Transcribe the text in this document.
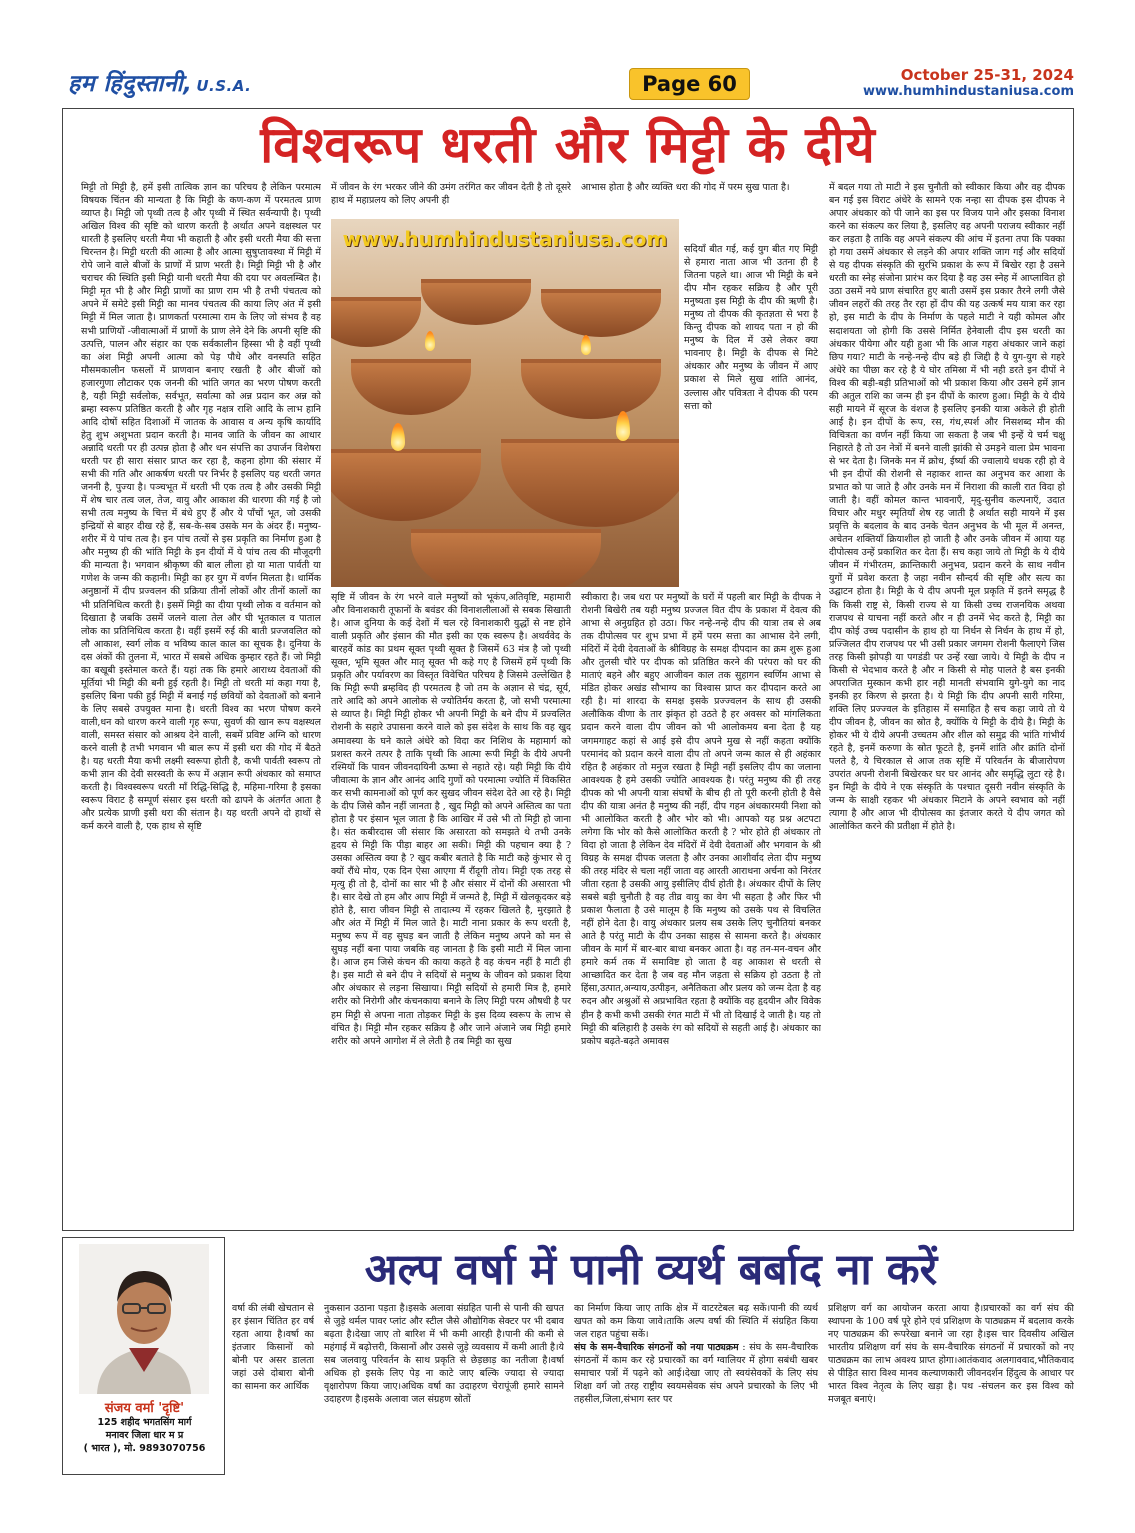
हम हिंदुस्तानी, U.S.A.	Page 60	October 25-31, 2024
www.humhindustaniusa.com
विश्वरूप धरती और मिट्टी के दीये
मिट्टी तो मिट्टी है, हमें इसी तात्विक ज्ञान का परिचय है लेकिन परमात्म विषयक चिंतन की मान्यता है कि मिट्टी के कण-कण में परमतत्व प्राण व्याप्त है। मिट्टी जो पृथ्वी तत्व है और पृथ्वी में स्थित सर्वन्यापी है। पृथ्वी अखिल विश्व की सृष्टि को धारण करती है अर्थात अपने वक्षस्थल पर धारती है इसलिए धरती मैया भी कहाती है और इसी धरती मैया की सत्ता चिरन्तन है। मिट्टी धरती की आत्मा है और आत्मा सुषुप्तावस्था में मिट्टी में रोपे जाने वाले बीजों के प्राणों में प्राण भरती है। मिट्टी मिट्टी भी है और चराचर की स्थिति इसी मिट्टी यानी धरती मैया की दया पर अवलम्बित है। मिट्टी मृत भी है और मिट्टी प्राणों का प्राण राम भी है तभी पंचतत्व को अपने में समेटे इसी मिट्टी का मानव पंचतत्व की काया लिए अंत में इसी मिट्टी में मिल जाता है। प्राणकर्ता परमात्मा राम के लिए जो संभव है वह सभी प्राणियों -जीवात्माओं में प्राणों के प्राण लेने देने कि अपनी सृष्टि की उत्पत्ति, पालन और संहार का एक सर्वकालीन हिस्सा भी है वहीं पृथ्वी का अंश मिट्टी अपनी आत्मा को पेड़ पौधे और वनस्पति सहित मौसमकालीन फसलों में प्राणवान बनाए रखती है और बीजों को हजारगुणा लौटाकर एक जननी की भांति जगत का भरण पोषण करती है, यही मिट्टी सर्वलोक, सर्वभूत, सर्वात्मा को अन्न प्रदान कर अन्न को ब्रम्हा स्वरूप प्रतिष्ठित करती है और गृह नक्षत्र राशि आदि के लाभ हानि आदि दोषों सहित दिशाओं में जातक के आवास व अन्य कृषि कार्यादि हेतु शुभ अशुभता प्रदान करती है। मानव जाति के जीवन का आधार अन्नादि धरती पर ही उत्पन्न होता है और धन संपत्ति का उपार्जन विशेषरा धरती पर ही सारा संसार प्राप्त कर रहा है, कहना होगा की संसार में सभी की गति और आकर्षण धरती पर निर्भर है इसलिए यह धरती जगत जननी है, पुज्या है। पञ्चभूत में धरती भी एक तत्व है और उसकी मिट्टी में शेष चार तत्व जल, तेज, वायु और आकाश की धारणा की गई है जो सभी तत्व मनुष्य के चित्त में बंधे हुए हैं और ये पाँचों भूत, जो उसकी इन्द्रियों से बाहर दीख रहे हैं, सब-के-सब उसके मन के अंदर हैं। मनुष्य- शरीर में ये पांच तत्व है। इन पांच तत्वों से इस प्रकृति का निर्माण हुआ है और मनुष्य ही की भांति मिट्टी के इन दीयों में ये पांच तत्व की मौजूदगी की मान्यता है। भगवान श्रीकृष्ण की बाल लीला हो या माता पार्वती या गणेश के जन्म की कहानी। मिट्टी का हर युग में वर्णन मिलता है। धार्मिक अनुष्ठानों में दीप प्रज्वलन की प्रक्रिया तीनों लोकों और तीनों कालों का भी प्रतिनिधित्व करती है। इसमें मिट्टी का दीया पृथ्वी लोक व वर्तमान को दिखाता है जबकि उसमें जलने वाला तेल और घी भूतकाल व पाताल लोक का प्रतिनिधित्व करता है। वहीं इसमें रुई की बाती प्रज्जवलित को लौ आकाश, स्वर्ग लोक व भविष्य काल काल का सूचक है। दुनिया के दस अंकों की तुलना में, भारत में सबसे अधिक कुम्हार रहते हैं। जो मिट्टी का बखूबी इस्तेमाल करते हैं। यहां तक कि हमारे आराध्य देवताओं की मूर्तियां भी मिट्टी की बनी हुई रहती है। मिट्टी तो धरती मां कहा गया है, इसलिए बिना पकी हुई मिट्टी में बनाई गई छवियों को देवताओं को बनाने के लिए सबसे उपयुक्त माना है। धरती विश्व का भरण पोषण करने वाली,धन को धारण करने वाली गृह रूपा, सुवर्ण की खान रूप वक्षस्थल वाली, समस्त संसार को आश्रय देने वाली, सबमें प्रविष्ट अग्नि को धारण करने वाली है तभी भगवान भी बाल रूप में इसी धरा की गोद में बैठते है। यह धरती मैया कभी लक्ष्मी स्वरूपा होती है, कभी पार्वती स्वरूप तो कभी ज्ञान की देवी सरस्वती के रूप में अज्ञान रूपी अंधकार को समाप्त करती है। विश्वस्वरूप धरती माँ रिद्धि-सिद्धि है, महिमा-गरिमा है इसका स्वरूप विराट है सम्पूर्ण संसार इस धरती को ढापने के अंतर्गत आता है और प्रत्येक प्राणी इसी धरा की संतान है। यह धरती अपने दो हाथों से कर्म करने वाली है, एक हाथ से सृष्टि
में जीवन के रंग भरकर जीने की उमंग तरंगित कर जीवन देती है तो दूसरे हाथ में महाप्रलय को लिए अपनी ही
आभास होता है और व्यक्ति धरा की गोद में परम सुख पाता है।
सदियाँ बीत गई, कई युग बीत गए मिट्टी से हमारा नाता आज भी उतना ही है जितना पहले था। आज भी मिट्टी के बने दीप मौन रहकर सक्रिय है और पूरी मनुष्यता इस मिट्टी के दीप की ऋणी है। मनुष्य तो दीपक की कृतज्ञता से भरा है किन्तु दीपक को शायद पता न हो की मनुष्य के दिल में उसे लेकर क्या भावनाए है। मिट्टी के दीपक से मिटे अंधकार और मनुष्य के जीवन में आए प्रकाश से मिले सुख शांति आनंद, उल्लास और पवित्रता ने दीपक की परम सत्ता को
में बदल गया तो माटी ने इस चुनौती को स्वीकार किया और वह दीपक बन गई इस विराट अंधेरे के सामने एक नन्हा सा दीपक इस दीपक ने अपार अंधकार को पी जाने का इस पर विजय पाने और इसका विनाश करने का संकल्प कर लिया है, इसलिए वह अपनी पराजय स्वीकार नहीं कर लड़ता है ताकि वह अपने संकल्प की आंच में इतना तपा कि पक्का हो गया उसमें अंधकार से लड़ने की अपार शक्ति जाग गई और सदियों से यह दीपक संस्कृति की सुरभि प्रकाश के रूप में बिखेर रहा है उसने धरती का स्नेह संजोना प्रारंभ कर दिया है वह उस स्नेह में आप्लावित हो उठा उसमें नये प्राण संचारित हुए बाती उसमें इस प्रकार तैरने लगी जैसे जीवन लहरों की तरह तैर रहा हों दीप की यह उत्कर्ष मय यात्रा कर रहा हो, इस माटी के दीप के निर्माण के पहले माटी ने यही कोमल और सदाशयता जो होगी कि उससे निर्मित हेनेवाली दीप इस धरती का अंधकार पीयेगा और यही हुआ भी कि आज गहरा अंधकार जाने कहां छिप गया? माटी के नन्हे-नन्हे दीप बड़े ही जिद्दी है ये युग-युग से गहरे अंधेरे का पीछा कर रहे है ये घोर तमिस्रा में भी नही डरते इन दीपों ने विश्व की बड़ी-बड़ी प्रतिभाओं को भी प्रकाश किया और उसने हमें ज्ञान की अतुल राशि का जन्म ही इन दीपों के कारण हुआ। मिट्टी के ये दीये सही मायने में सूरज के वंशज है इसलिए इनकी यात्रा अकेले ही होती आई है। इन दीपों के रूप, रस, गंध,स्पर्श और निसशब्द मौन की विचित्रता का वर्णन नहीं किया जा सकता है जब भी इन्हें ये चर्म चक्षु निहारते है तो उन नेत्रों में बनने वाली झांकी से उमड़ने वाला प्रेम भावना से भर देता है। जिनके मन में क्रोध, ईर्ष्या की ज्वालाये धधक रही हो वे भी इन दीपों की रोशनी से नहाकर शान्त का अनुभव कर आशा के प्रभात को पा जाते है और उनके मन में निराशा की काली रात विदा हो जाती है। वहीं कोमल कान्त भावनाएँ, मृदु-सुनीव कल्पनाएँ, उदात विचार और मधुर स्मृतियाँ शेष रह जाती है अर्थात सही मायने में इस प्रवृत्ति के बदलाव के बाद उनके चेतन अनुभव के भी मूल में अनन्त, अचेतन शक्तियाँ क्रियाशील हो जाती है और उनके जीवन में आया यह दीपोत्सव उन्हें प्रकाशित कर देता हैं। सच कहा जाये तो मिट्टी के ये दीये जीवन में गंभीरतम, क्रान्तिकारी अनुभव, प्रदान करने के साथ नवीन युगों में प्रवेश करता है जहा नवीन सौन्दर्य की सृष्टि और सत्य का उद्घाटन होता है। मिट्टी के ये दीप अपनी मूल प्रकृति में इतने समृद्ध है कि किसी राष्ट्र से, किसी राज्य से या किसी उच्च राजनयिक अथवा राजपथ से याचना नहीं करते और न ही उनमें भेद करते है, मिट्टी का दीप कोई उच्च पदासीन के हाथ हो या निर्धन से निर्धन के हाथ में हो, प्रज्जिलत दीप राजपथ पर भी उसी प्रकार जगमग रोशनी फैलाएगे जिस तरह किसी झोपड़ी या पगडंडी पर उन्हें रखा जाये। ये मिट्टी के दीप न किसी से भेदभाव करते है और न किसी से मोह पालते है बस इनकी अपराजित मुस्कान कभी हार नही मानती संभवामि युगे-युगे का नाद इनकी हर किरण से झरता है। ये मिट्टी कि दीप अपनी सारी गरिमा, शक्ति लिए प्रज्ज्वल के इतिहास में समाहित है सच कहा जाये तो ये दीप जीवन है, जीवन का स्रोत है, क्योंकि ये मिट्टी के दीये है। मिट्टी के होकर भी ये दीये अपनी उच्चतम और शील को समुद्र की भांति गांभीर्य रहते है, इनमें करुणा के स्रोत फूटते है, इनमें शांति और क्रांति दोनों पलते है, ये चिरकाल से आज तक सृष्टि में परिवर्तन के बीजारोपण उपरांत अपनी रोशनी बिखेरकर घर घर आनंद और समृद्धि लुटा रहे है। इन मिट्टी के दीये ने एक संस्कृति के पश्चात दूसरी नवीन संस्कृति के जन्म के साक्षी रहकर भी अंधकार मिटाने के अपने स्वभाव को नहीं त्यागा है और आज भी दीपोत्सव का इंतजार करते ये दीप जगत को आलोकित करने की प्रतीक्षा में होते है।
सृष्टि में जीवन के रंग भरने वाले मनुष्यों को भूकंप,अतिवृष्टि, महामारी और विनाशकारी तूफानों के बवंडर की विनाशलीलाओं से सबक सिखाती है। आज दुनिया के कई देशों में चल रहे विनाशकारी युद्धों से नष्ट होने वाली प्रकृति और इंसान की मौत इसी का एक स्वरूप है। अथर्ववेद के बारहवें कांड का प्रथम सूक्त पृथ्वी सूक्त है जिसमें 63 मंत्र है जो पृथ्वी सूक्त, भूमि सूक्त और मातृ सूक्त भी कहे गए है जिसमें हमें पृथ्वी कि प्रकृति और पर्यावरण का विस्तृत विवेचित परिचय है जिसमे उल्लेखित है कि मिट्टी रूपी ब्रम्हविद ही परमतत्व है जो तम के अज्ञान से चंद्र, सूर्य, तारे आदि को अपने आलोक से ज्योतिर्मय करता है, जो सभी परमात्मा से व्याप्त है। मिट्टी मिट्टी होकर भी अपनी मिट्टी के बने दीप में प्रज्वलित रोशनी के सहारे उपासना करने वाले को इस संदेश के साथ कि वह खुद अमावस्या के घने काले अंधेरे को विदा कर निशिथ के महामार्ग को प्रशस्त करने तत्पर है ताकि पृथ्वी कि आत्मा रूपी मिट्टी के दीये अपनी रश्मियों कि पावन जीवनदायिनी ऊष्मा से नहाते रहे। यही मिट्टी कि दीये जीवात्मा के ज्ञान और आनंद आदि गुणों को परमात्मा ज्योति में विकसित कर सभी कामनाओं को पूर्ण कर सुखद जीवन संदेश देते आ रहे है। मिट्टी के दीप जिसे कौन नहीं जानता है , खुद मिट्टी को अपने अस्तित्व का पता होता है पर इंसान भूल जाता है कि आखिर में उसे भी तो मिट्टी हो जाना है। संत कबीरदास जी संसार कि असारता को समझते थे तभी उनके हृदय से मिट्टी कि पीड़ा बाहर आ सकी। मिट्टी की पहचान क्या है ? उसका अस्तित्व क्या है ? खुद कबीर बताते है कि माटी कहे कुंभार से तू क्यों रौंधे मोय, एक दिन ऐसा आएगा मैं रौंदूगी तोय। मिट्टी एक तरह से मृत्यु ही तो है, दोनों का सार भी है और संसार में दोनों की असारता भी है। सार देखे तो हम और आप मिट्टी में जन्मते है, मिट्टी में खेलकूदकर बड़े होते है, सारा जीवन मिट्टी से तादात्म्य में रहकर खिलते है, मुरझाते है और अंत में मिट्टी में मिल जाते है। माटी नाना प्रकार के रूप धरती है, मनुष्य रूप में वह सुघड़ बन जाती है लेकिन मनुष्य अपने को मन से सुघड़ नहीं बना पाया जबकि वह जानता है कि इसी माटी में मिल जाना है। आज हम जिसे कंचन की काया कहते है वह कंचन नहीं है माटी ही है। इस माटी से बने दीप ने सदियों से मनुष्य के जीवन को प्रकाश दिया और अंधकार से लड़ना सिखाया। मिट्टी सदियों से हमारी मित्र है, हमारे शरीर को निरोगी और कंचनकाया बनाने के लिए मिट्टी परम औषधी है पर हम मिट्टी से अपना नाता तोड़कर मिट्टी के इस दिव्य स्वरूप के लाभ से वंचित है। मिट्टी मौन रहकर सक्रिय है और जाने अंजाने जब मिट्टी हमारे शरीर को अपने आगोश में ले लेती है तब मिट्टी का सुख
स्वीकारा है। जब धरा पर मनुष्यों के घरों में पहली बार मिट्टी के दीपक ने रोशनी बिखेरी तब यही मनुष्य प्रज्जल वित दीप के प्रकाश में देवत्व की आभा से अनुग्रहित हो उठा। फिर नन्हे-नन्हे दीप की यात्रा तब से अब तक दीपोत्सव पर शुभ प्रभा में हमें परम सत्ता का आभास देने लगी, मंदिरों में देवी देवताओं के श्रीविग्रह के समक्ष दीपदान का क्रम शुरू हुआ और तुलसी चौरे पर दीपक को प्रतिष्ठित करने की परंपरा को घर की माताएं बहने और बहुए आजीवन काल तक सुहागन स्वर्णिम आभा से मंडित होकर अखंड सौभाग्य का विश्वास प्राप्त कर दीपदान करते आ रही है। मां शारदा के समक्ष इसके प्रज्ज्वलन के साथ ही उसकी अलौकिक वीणा के तार झंकृत हो उठते है हर अवसर को मांगलिकता प्रदान करने वाला दीप जीवन को भी आलोकमय बना देता है यह जगमगाहट कहां से आई इसे दीप अपने मुख से नहीं कहता क्योंकि परमानंद को प्रदान करने वाला दीप तो अपने जन्म काल से ही अहंकार रहित है अहंकार तो मनुज रखता है मिट्टी नहीं इसलिए दीप का जलाना आवश्यक है हमे उसकी ज्योति आवश्यक है। परंतु मनुष्य की ही तरह दीपक को भी अपनी यात्रा संघर्षों के बीच ही तो पूरी करनी होती है वैसे दीप की यात्रा अनंत है मनुष्य की नहीं, दीप गहन अंधकारमयी निशा को भी आलोकित करती है और भोर को भी। आपको यह प्रश्न अटपटा लगेगा कि भोर को कैसे आलोकित करती है ? भोर होते ही अंधकार तो विदा हो जाता है लेकिन देव मंदिरों में देवी देवताओं और भगवान के श्री विग्रह के समक्ष दीपक जलता है और उनका आशीर्वाद लेता दीप मनुष्य की तरह मंदिर से चला नहीं जाता वह आरती आराधना अर्चना को निरंतर जीता रहता है उसकी आयु इसीलिए दीर्घ होती है। अंधकार दीपों के लिए सबसे बड़ी चुनौती है वह तीव्र वायु का वेग भी सहता है और फिर भी प्रकाश फैलाता है उसे मालूम है कि मनुष्य को उसके पथ से विचलित नहीं होने देता है। वायु अंधकार प्रलय सब उसके लिए चुनौतियां बनकर आते है परंतु माटी के दीप उनका साहस से सामना करते है। अंधकार जीवन के मार्ग में बार-बार बाधा बनकर आता है। वह तन-मन-वचन और हमारे कर्म तक में समाविष्ट हो जाता है वह आकाश से धरती से आच्छादित कर देता है जब वह मौन जड़ता से सक्रिय हो उठता है तो हिंसा,उत्पात,अन्याय,उत्पीड़न, अनैतिकता और प्रलय को जन्म देता है वह रुदन और अश्रुओं से अप्रभावित रहता है क्योंकि वह हृदयीन और विवेक हीन है कभी कभी उसकी रंगत माटी में भी तो दिखाई दे जाती है। यह तो मिट्टी की बलिहारी है उसके रंग को सदियों से सहती आई है। अंधकार का प्रकोप बढ़ते-बढ़ते अमावस
www.humhindustaniusa.com
संजय वर्मा 'दृष्टि'
125 शहीद भगतसिंग मार्ग
मनावर जिला धार म प्र
( भारत ), मो. 9893070756
अल्प वर्षा में पानी व्यर्थ बर्बाद ना करें
वर्षा की लंबी खेचतान से हर इंसान चिंतित हर वर्ष रहता आया है।वर्षा का इंतजार किसानों को बोनी पर असर डालता जहां उसे दोबारा बोनी का सामना कर आर्थिक
नुकसान उठाना पड़ता है।इसके अलावा संग्रहित पानी से पानी की खपत से जुड़े थर्मल पावर प्लांट और स्टील जैसे औद्योगिक सेक्टर पर भी दबाव बढ़ता है।देखा जाए तो बारिश में भी कमी आरही है।पानी की कमी से महंगाई में बढ़ोत्तरी, किसानों और उससे जुड़े व्यवसाय में कमी आती है।ये सब जलवायु परिवर्तन के साथ प्रकृति से छेड़छाड़ का नतीजा है।वर्षा अधिक हो इसके लिए पेड़ ना काटे जाए बल्कि ज्यादा से ज्यादा वृक्षारोपण किया जाए।अधिक वर्षा का उदाहरण चेरापूंजी हमारे सामने उदाहरण है।इसके अलावा जल संग्रहण स्रोतों
का निर्माण किया जाए ताकि क्षेत्र में वाटरटेबल बढ़ सकें।पानी की व्यर्थ खपत को कम किया जावे।ताकि अल्प वर्षा की स्थिति में संग्रहित किया जल राहत पहुंचा सकें।
संघ के सम-वैचारिक संगठनों को नया पाठ्यक्रम : संघ के सम-वैचारिक संगठनों में काम कर रहे प्रचारकों का वर्ग ग्वालियर में होगा सबंधी खबर समाचार पत्रों में पढ़ने को आई।देखा जाए तो स्वयंसेवकों के लिए संघ शिक्षा वर्ग जो तरह राष्ट्रीय स्वयमसेवक संघ अपने प्रचारको के लिए भी तहसील,जिला,संभाग स्तर पर
प्रशिक्षण वर्ग का आयोजन करता आया है।प्रचारकों का वर्ग संघ की स्थापना के 100 वर्ष पूरे होने एवं प्रशिक्षण के पाठ्यक्रम में बदलाव करके नए पाठ्यक्रम की रूपरेखा बनाने जा रहा है।इस चार दिवसीय अखिल भारतीय प्रशिक्षण वर्ग संघ के सम-वैचारिक संगठनों में प्रचारकों को नए पाठ्यक्रम का लाभ अवश्य प्राप्त होगा।आतंकवाद अलगाववाद,भौतिकवाद से पीड़ित सारा विश्व मानव कल्याणकारी जीवनदर्शन हिंदुत्व के आधार पर भारत विश्व नेतृत्व के लिए खड़ा है। पथ -संचलन कर इस विश्व को मजबूत बनाएं।
